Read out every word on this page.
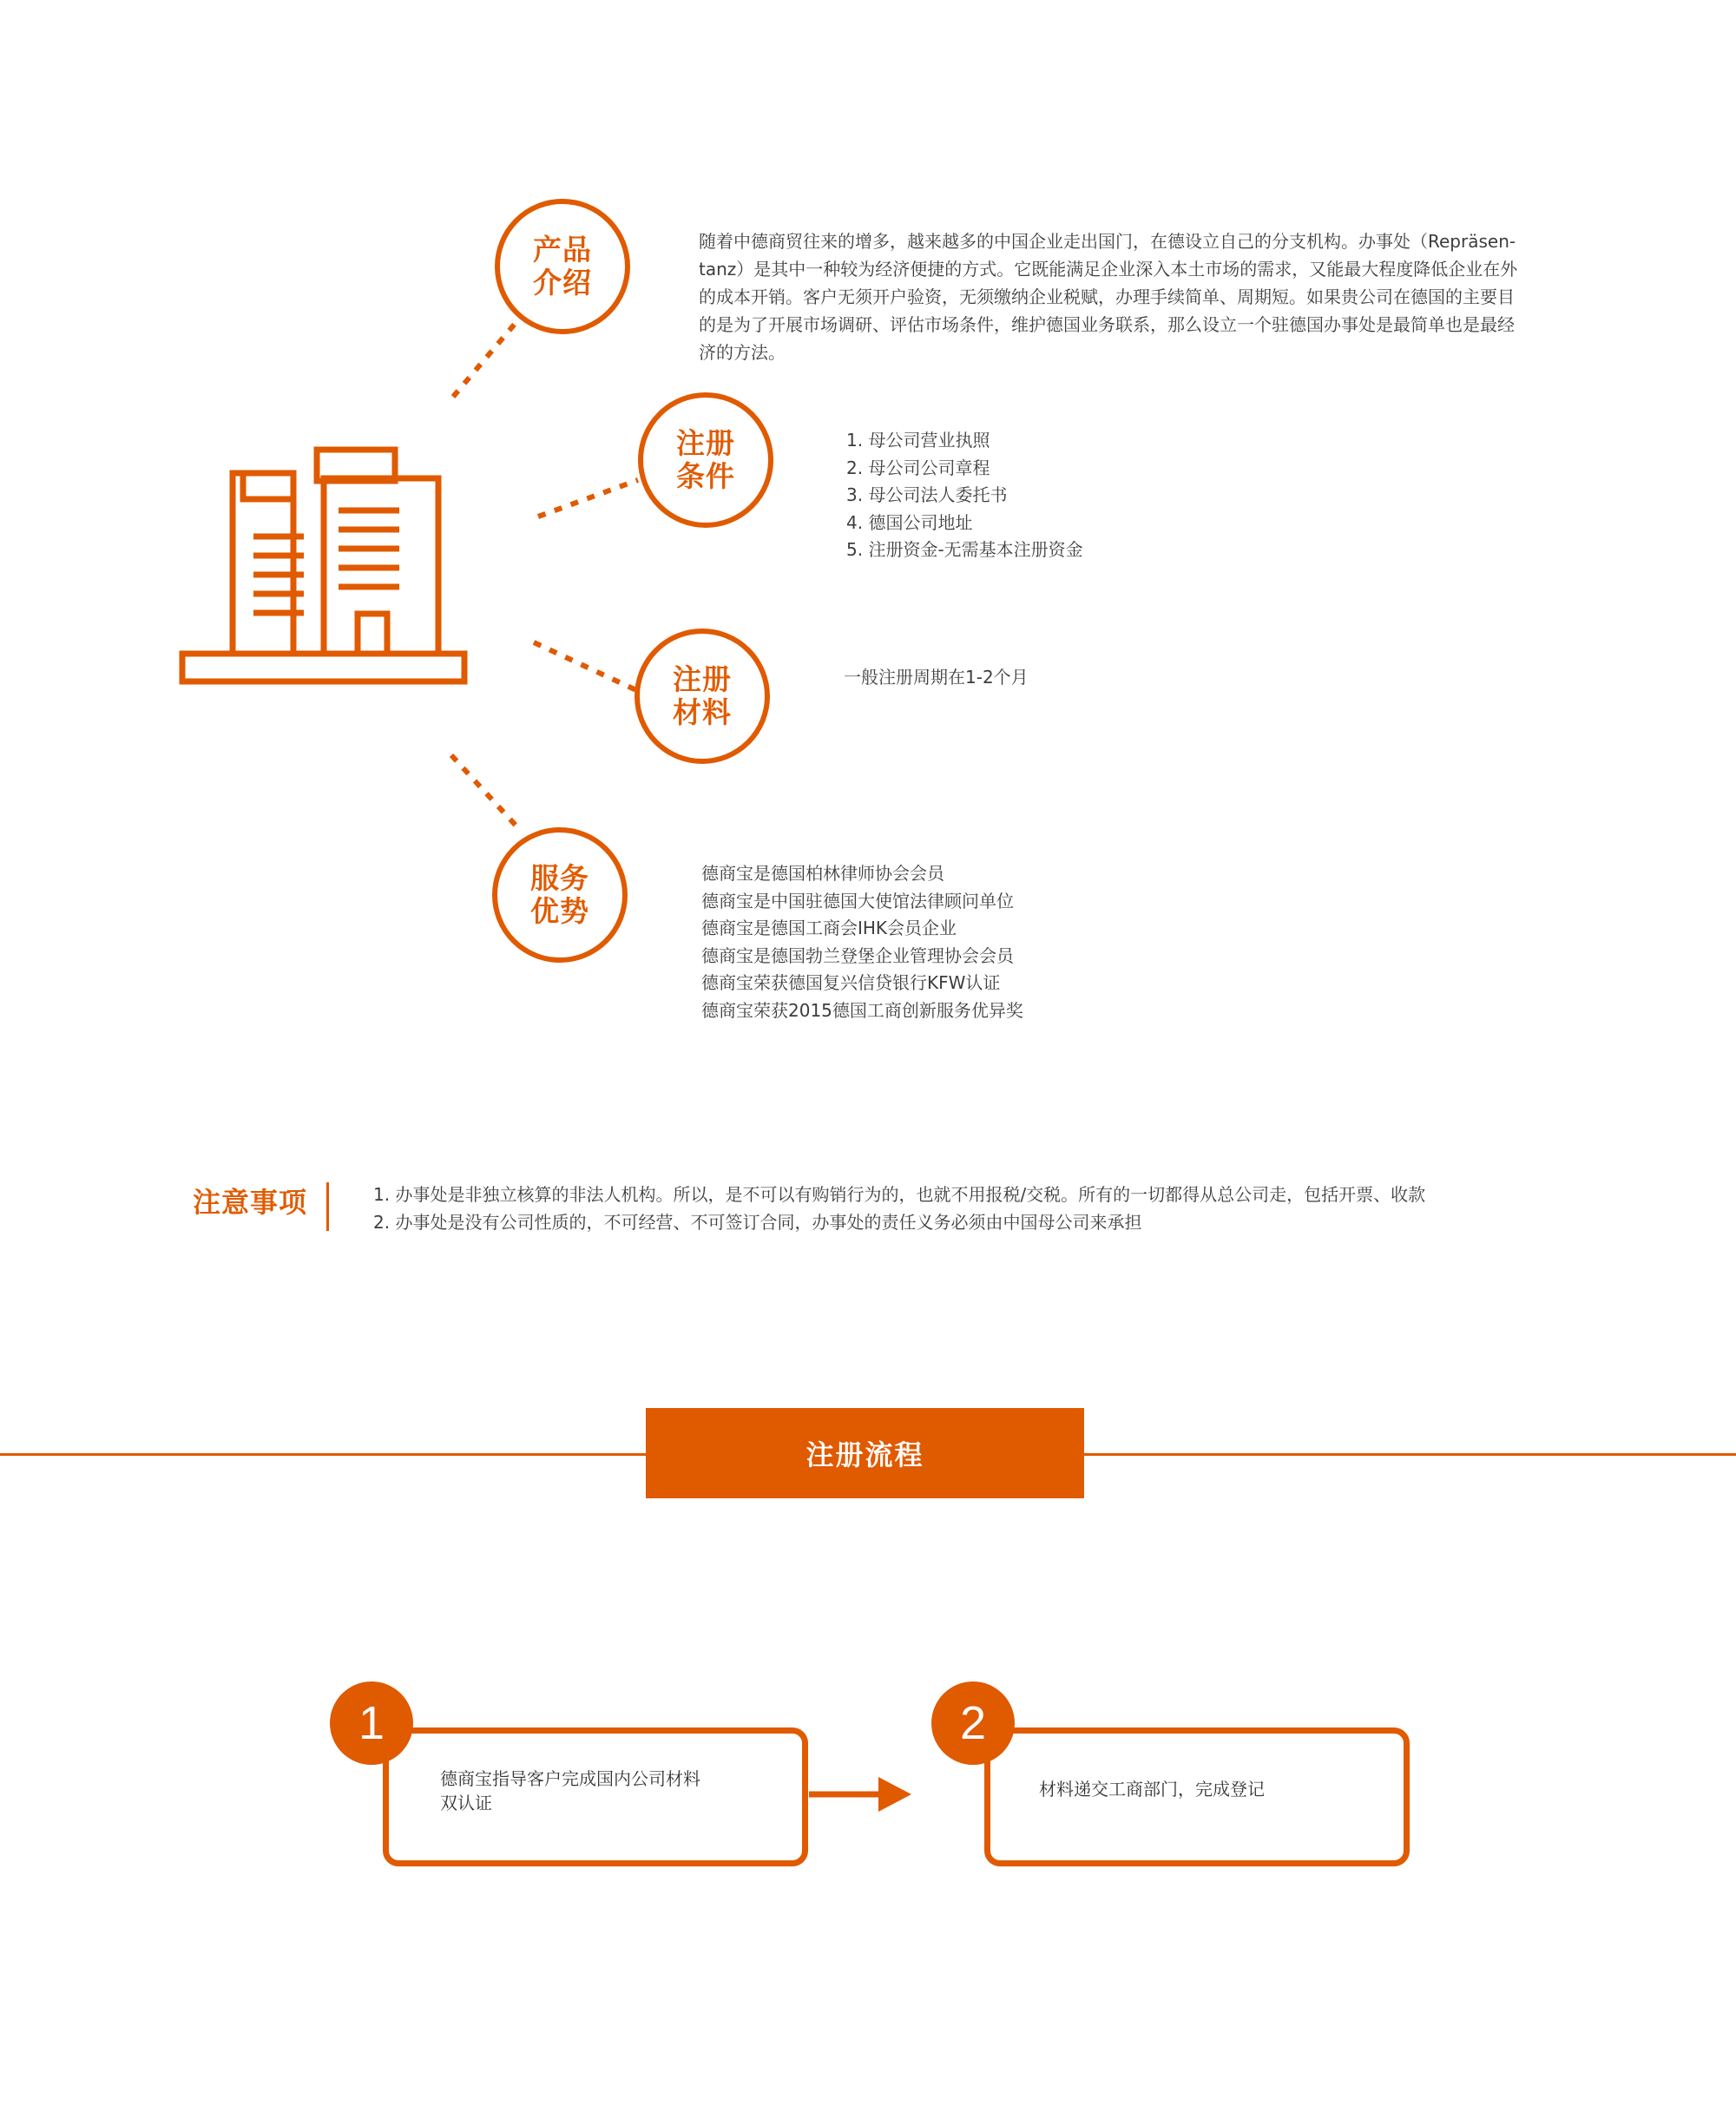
产品
介绍
注册
条件
注册
材料
服务
优势
随着中德商贸往来的增多，越来越多的中国企业走出国门，在德设立自己的分支机构。办事处（Repräsen-
tanz）是其中一种较为经济便捷的方式。它既能满足企业深入本土市场的需求，又能最大程度降低企业在外
的成本开销。客户无须开户验资，无须缴纳企业税赋，办理手续简单、周期短。如果贵公司在德国的主要目
的是为了开展市场调研、评估市场条件，维护德国业务联系，那么设立一个驻德国办事处是最简单也是最经
济的方法。
1. 母公司营业执照
2. 母公司公司章程
3. 母公司法人委托书
4. 德国公司地址
5. 注册资金-无需基本注册资金
一般注册周期在1-2个月
德商宝是德国柏林律师协会会员
德商宝是中国驻德国大使馆法律顾问单位
德商宝是德国工商会IHK会员企业
德商宝是德国勃兰登堡企业管理协会会员
德商宝荣获德国复兴信贷银行KFW认证
德商宝荣获2015德国工商创新服务优异奖
注意事项	1. 办事处是非独立核算的非法人机构。所以，是不可以有购销行为的，也就不用报税/交税。所有的一切都得从总公司走，包括开票、收款
2. 办事处是没有公司性质的，不可经营、不可签订合同，办事处的责任义务必须由中国母公司来承担
注册流程
德商宝指导客户完成国内公司材料
双认证
1
材料递交工商部门，完成登记
2
